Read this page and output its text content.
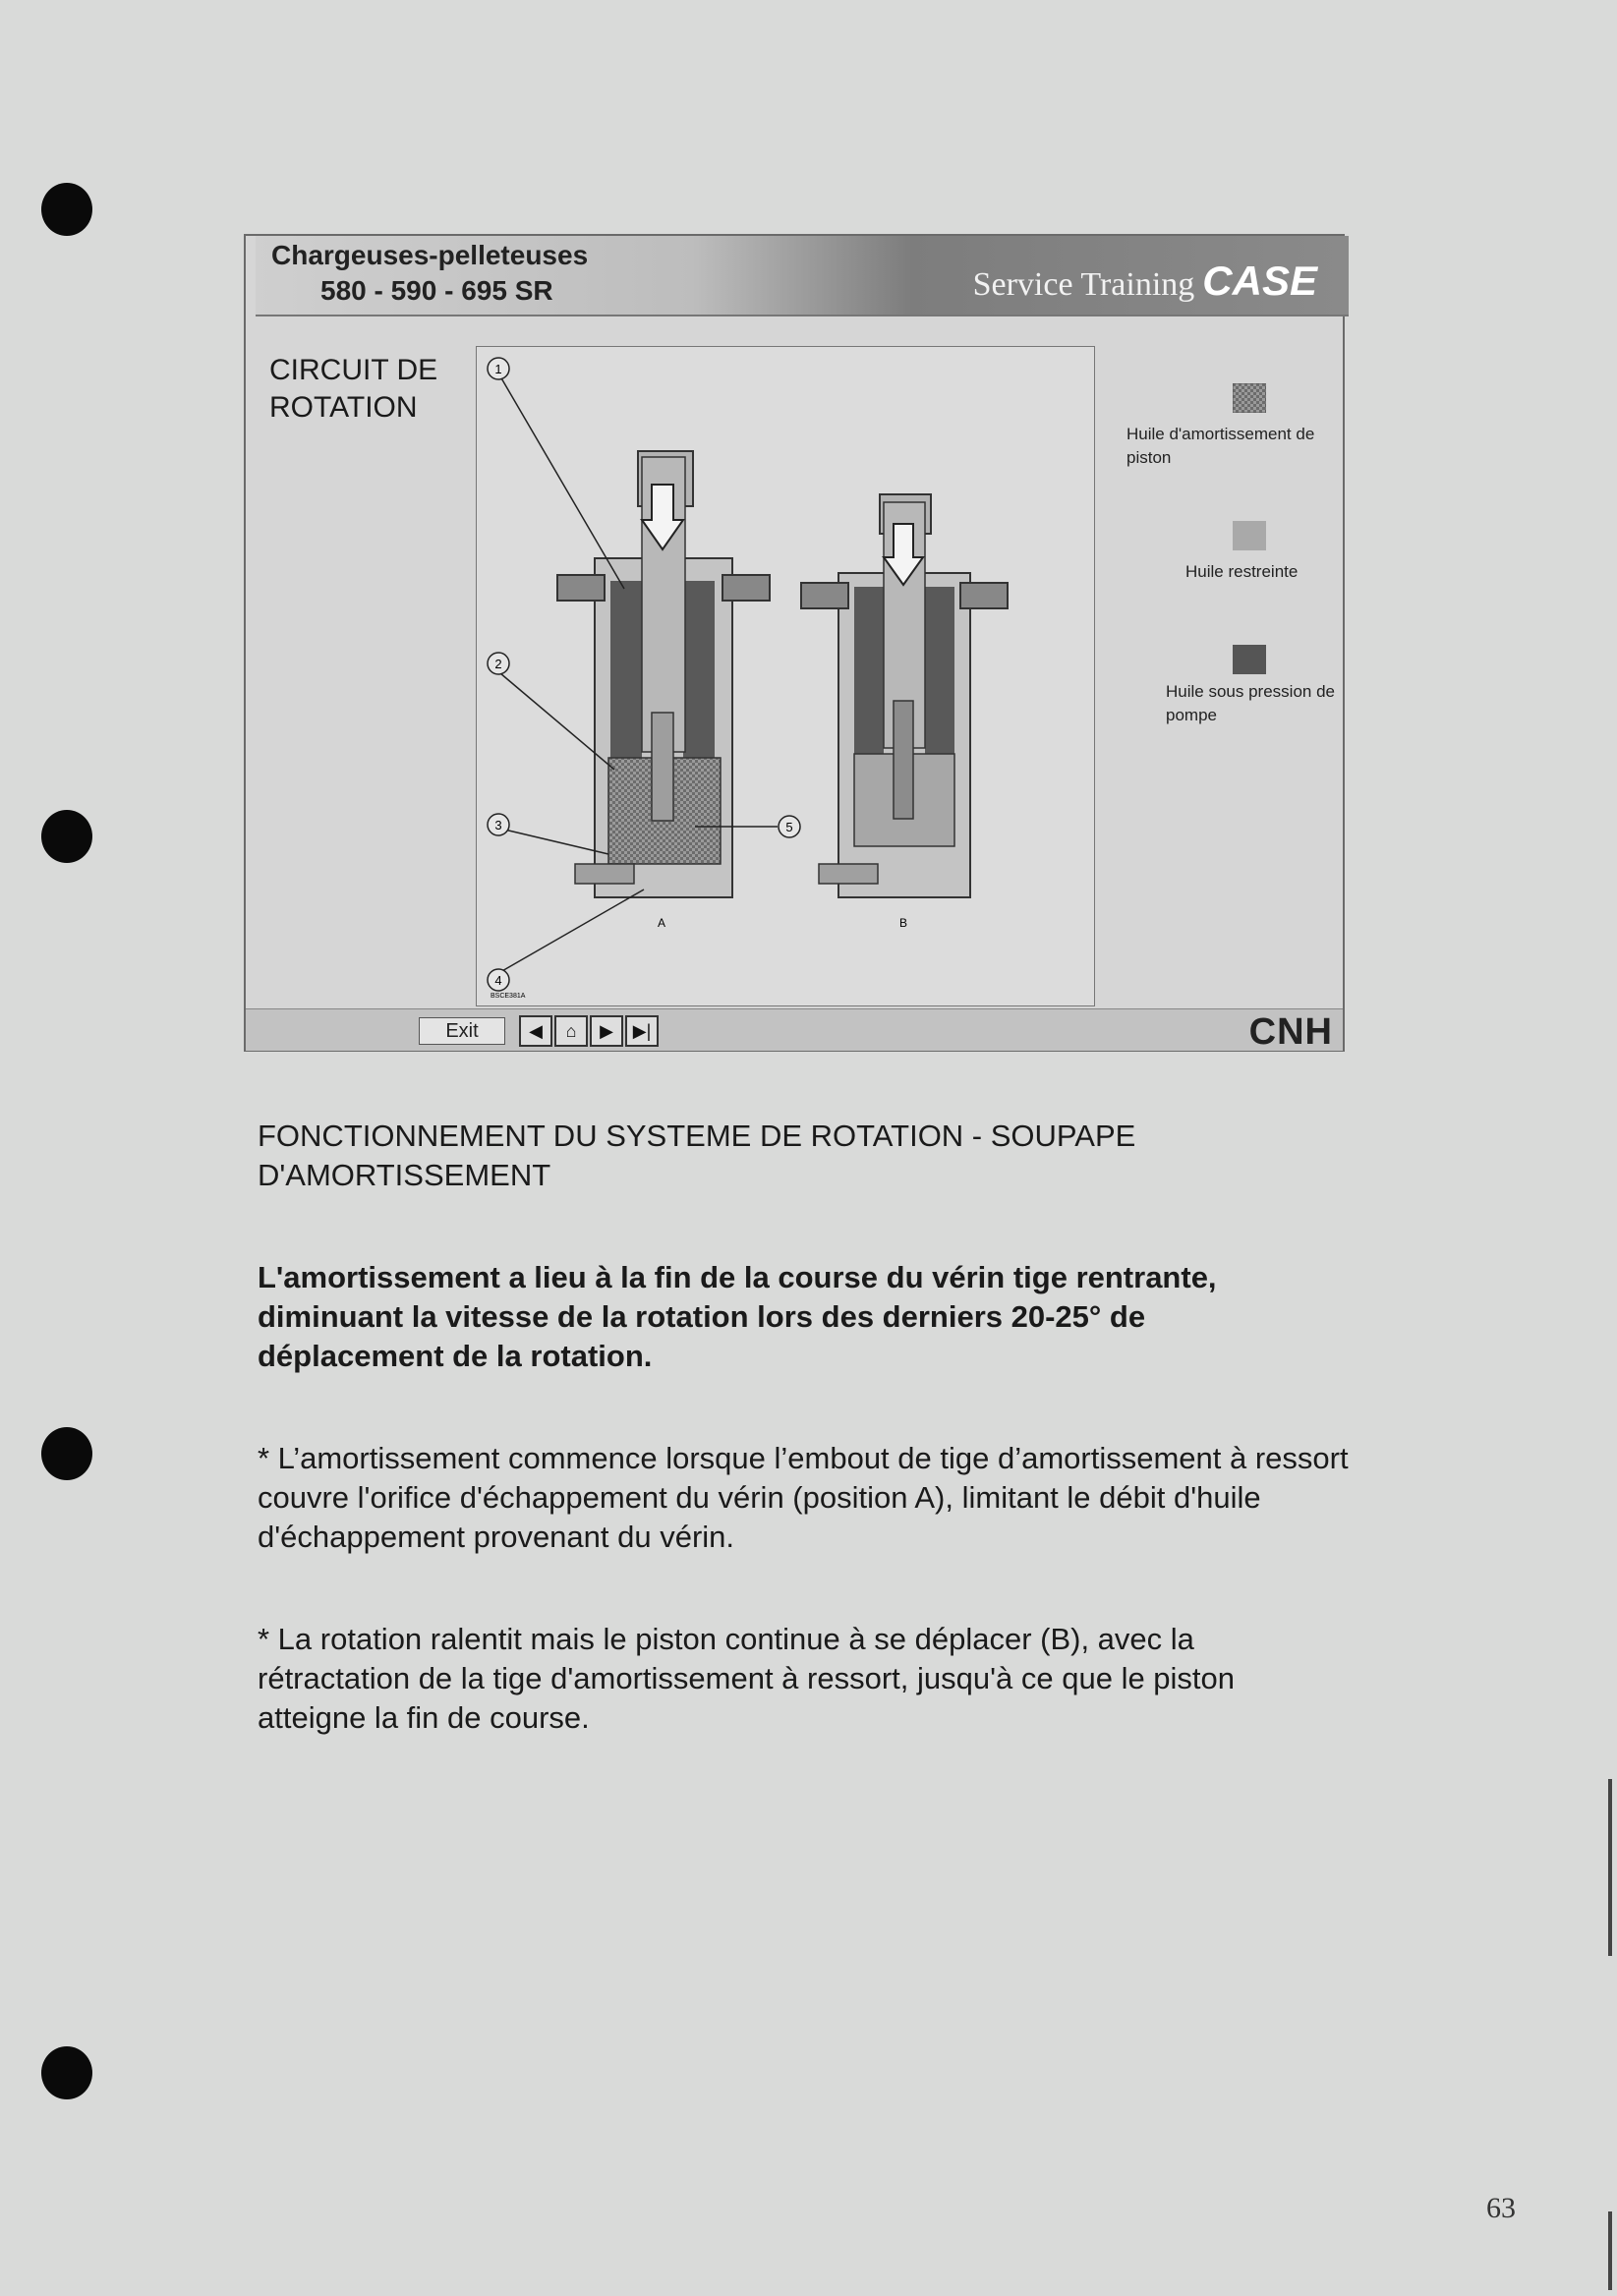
Chargeuses-pelleteuses
580 - 590 - 695 SR	Service Training CASE
CIRCUIT DE ROTATION
1
2
3
4
5
A	B
BSCE381A
Huile d'amortissement de piston
Huile restreinte
Huile sous pression de pompe
Exit	◀	⌂	▶	▶|	CNH
FONCTIONNEMENT DU SYSTEME DE ROTATION - SOUPAPE D'AMORTISSEMENT
L'amortissement a lieu à la fin de la course du vérin tige rentrante, diminuant la vitesse de la rotation lors des derniers 20-25° de déplacement de la rotation.
* L’amortissement commence lorsque l’embout de tige d’amortissement à ressort couvre l'orifice d'échappement du vérin (position A), limitant le débit d'huile d'échappement provenant du vérin.
* La rotation ralentit mais le piston continue à se déplacer (B), avec la rétractation de la tige d'amortissement à ressort, jusqu'à ce que le piston atteigne la fin de course.
63
